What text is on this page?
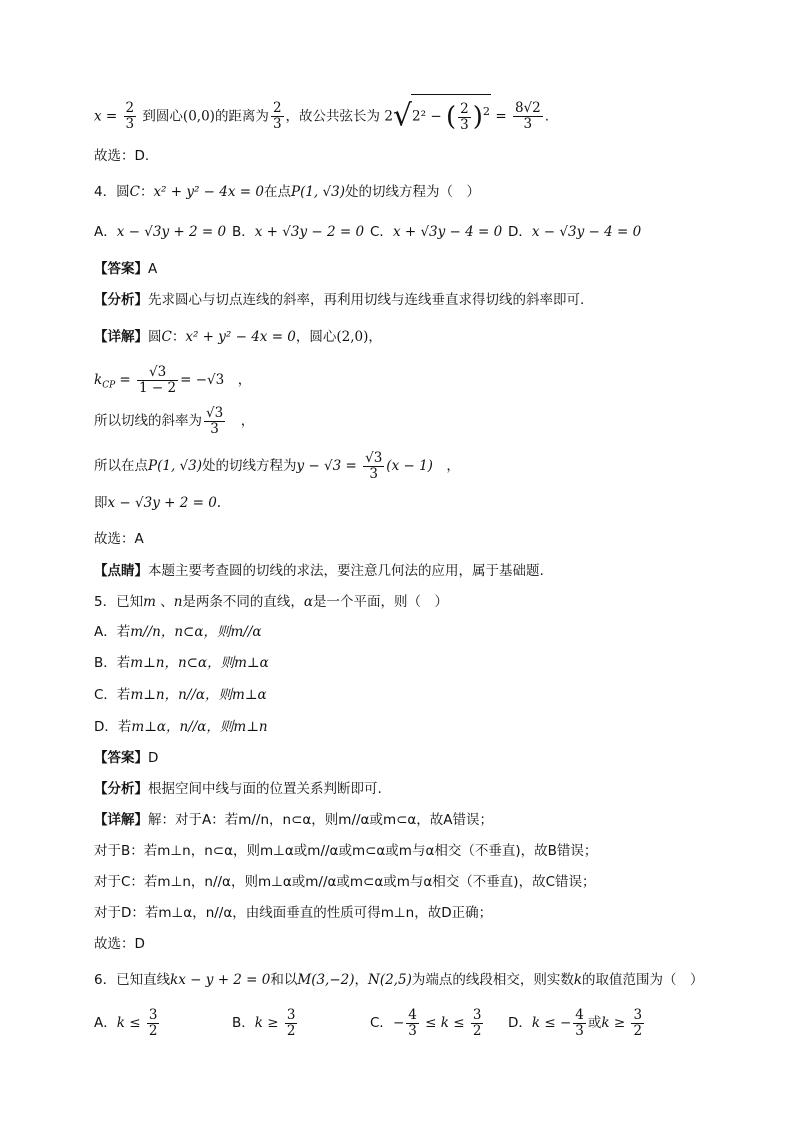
$x = \frac{2}{3}$ 到圆心(0,0)的距离为 $\frac{2}{3}$ ，故公共弦长为 2√2² − ( $\frac{2}{3} )^2 = \frac{8√2}{3}$ .
故选：D.
4．圆C：x² + y² − 4x = 0在点P(1, √3)处的切线方程为（　）
A．x − √3y + 2 = 0 B．x + √3y − 2 = 0 C．x + √3y − 4 = 0 D．x − √3y − 4 = 0
【答案】A
【分析】先求圆心与切点连线的斜率，再利用切线与连线垂直求得切线的斜率即可.
【详解】圆C：x² + y² − 4x = 0，圆心(2,0)，
$k_{CP} = \frac{√3}{1 - 2} = -√3$　，
所以切线的斜率为 $\frac{√3}{3}$ 　，
所以在点P(1, √3)处的切线方程为$y - √3 = \frac{√3}{3} (x - 1)$　，
即x − √3y + 2 = 0.
故选：A
【点睛】本题主要考查圆的切线的求法，要注意几何法的应用，属于基础题.
5．已知m 、n是两条不同的直线，α是一个平面，则（　）
A．若m//n，n⊂α，则m//α
B．若m⊥n，n⊂α，则m⊥α
C．若m⊥n，n//α，则m⊥α
D．若m⊥α，n//α，则m⊥n
【答案】D
【分析】根据空间中线与面的位置关系判断即可.
【详解】解：对于A：若m//n，n⊂α，则m//α或m⊂α，故A错误；
对于B：若m⊥n，n⊂α，则m⊥α或m//α或m⊂α或m与α相交（不垂直)，故B错误；
对于C：若m⊥n，n//α，则m⊥α或m//α或m⊂α或m与α相交（不垂直)，故C错误；
对于D：若m⊥α，n//α，由线面垂直的性质可得m⊥n，故D正确；
故选：D
6．已知直线kx − y + 2 = 0和以M(3,−2)，N(2,5)为端点的线段相交，则实数k的取值范围为（　）
A．$k \le \frac{3}{2}$	B．$k \ge \frac{3}{2}$	C．− $\frac{4}{3} \le k \le \frac{3}{2}$ D．k ≤ − $\frac{4}{3}$ 或$k \ge \frac{3}{2}$
